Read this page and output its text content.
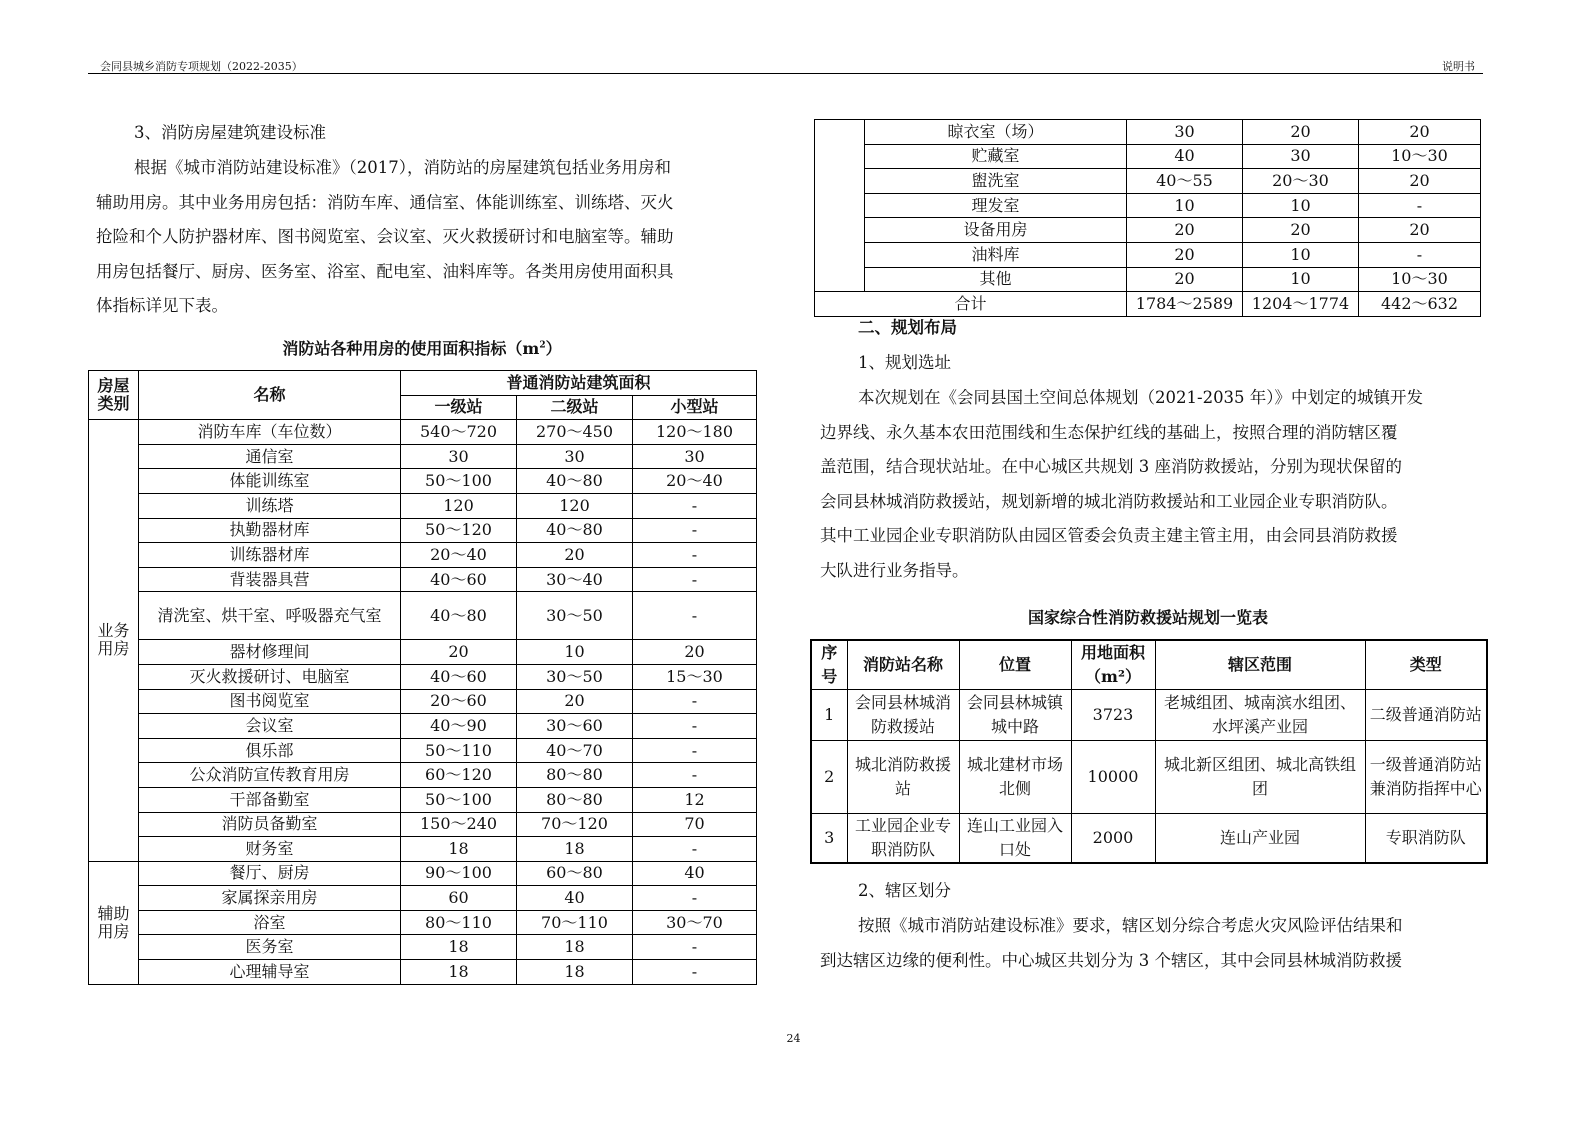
会同县城乡消防专项规划（2022-2035）	说明书
3、消防房屋建筑建设标准
根据《城市消防站建设标准》（2017），消防站的房屋建筑包括业务用房和
辅助用房。其中业务用房包括：消防车库、通信室、体能训练室、训练塔、灭火
抢险和个人防护器材库、图书阅览室、会议室、灭火救援研讨和电脑室等。辅助
用房包括餐厅、厨房、医务室、浴室、配电室、油料库等。各类用房使用面积具
体指标详见下表。
消防站各种用房的使用面积指标$(m^2)$
房屋类别	名称	普通消防站建筑面积		
		一级站	二级站	小型站
业务用房	消防车库（车位数）	540～720	270～450	120～180
	通信室	30	30	30
	体能训练室	50～100	40～80	20～40
	训练塔	120	120	-
	执勤器材库	50～120	40～80	-
	训练器材库	20～40	20	-
	背装器具营	40～60	30～40	-
	清洗室、烘干室、呼吸器充气室	40～80	30～50	-
	器材修理间	20	10	20
	灭火救援研讨、电脑室	40～60	30～50	15～30
	图书阅览室	20～60	20	-
	会议室	40～90	30～60	-
	俱乐部	50～110	40～70	-
	公众消防宣传教育用房	60～120	80～80	-
	干部备勤室	50～100	80～80	12
	消防员备勤室	150～240	70～120	70
	财务室	18	18	-
辅助用房	餐厅、厨房	90～100	60～80	40
	家属探亲用房	60	40	-
	浴室	80～110	70～110	30～70
	医务室	18	18	-
	心理辅导室	18	18	-
	晾衣室（场）	30	20	20
	贮藏室	40	30	10～30
	盥洗室	40～55	20～30	20
	理发室	10	10	-
	设备用房	20	20	20
	油料库	20	10	-
	其他	20	10	10～30
合计		1784～2589	1204～1774	442～632
二、规划布局
1、规划选址
本次规划在《会同县国土空间总体规划（2021-2035 年）》中划定的城镇开发
边界线、永久基本农田范围线和生态保护红线的基础上，按照合理的消防辖区覆
盖范围，结合现状站址。在中心城区共规划 3 座消防救援站，分别为现状保留的
会同县林城消防救援站，规划新增的城北消防救援站和工业园企业专职消防队。
其中工业园企业专职消防队由园区管委会负责主建主管主用，由会同县消防救援
大队进行业务指导。
国家综合性消防救援站规划一览表
序号	消防站名称	位置	用地面积（m²）	辖区范围	类型
1	会同县林城消防救援站	会同县林城镇城中路	3723	老城组团、城南滨水组团、水坪溪产业园	二级普通消防站
2	城北消防救援站	城北建材市场北侧	10000	城北新区组团、城北高铁组团	一级普通消防站兼消防指挥中心
3	工业园企业专职消防队	连山工业园入口处	2000	连山产业园	专职消防队
2、辖区划分
按照《城市消防站建设标准》要求，辖区划分综合考虑火灾风险评估结果和
到达辖区边缘的便利性。中心城区共划分为 3 个辖区，其中会同县林城消防救援
24
